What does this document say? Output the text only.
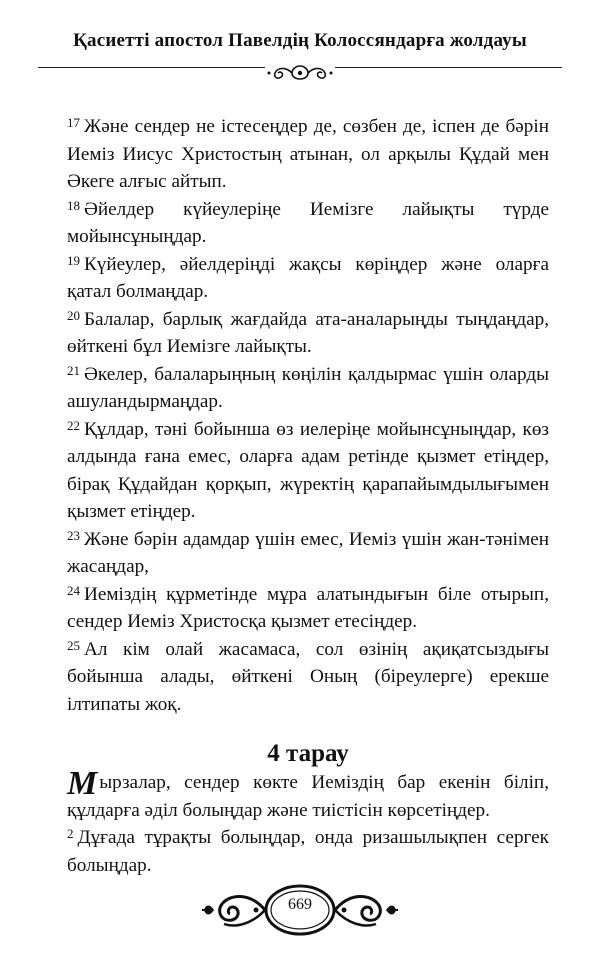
Қасиетті апостол Павелдің Колоссяндарға жолдауы

$^{17}$ Және сендер не істесеңдер де, сөзбен де, іспен де бәрін Иеміз Иисус Христостың атынан, ол арқылы Құдай мен Әкеге алғыс айтып.

$^{18}$ Әйелдер күйеулеріңе Иемізге лайықты түрде мойынсұныңдар.

$^{19}$ Күйеулер, әйелдеріңді жақсы көріңдер және оларға қатал болмаңдар.

$^{20}$ Балалар, барлық жағдайда ата-аналарыңды тыңдаңдар, өйткені бұл Иемізге лайықты.

$^{21}$ Әкелер, балаларыңның көңілін қалдырмас үшін оларды ашуландырмаңдар.

$^{22}$ Құлдар, тәні бойынша өз иелеріңе мойынсұныңдар, көз алдында ғана емес, оларға адам ретінде қызмет етіңдер, бірақ Құдайдан қорқып, жүректің қарапайымдылығымен қызмет етіңдер.

$^{23}$ Және бәрін адамдар үшін емес, Иеміз үшін жан-тәнімен жасаңдар,

$^{24}$ Иеміздің құрметінде мұра алатындығын біле отырып, сендер Иеміз Христосқа қызмет етесіңдер.

$^{25}$ Ал кім олай жасамаса, сол өзінің ақиқатсыздығы бойынша алады, өйткені Оның (біреулерге) ерекше ілтипаты жоқ.

4 тарау

Мырзалар, сендер көкте Иеміздің бар екенін біліп, құлдарға әділ болыңдар және тиістісін көрсетіңдер.

$^2$ Дұғада тұрақты болыңдар, онда ризашылықпен сергек болыңдар.

669
